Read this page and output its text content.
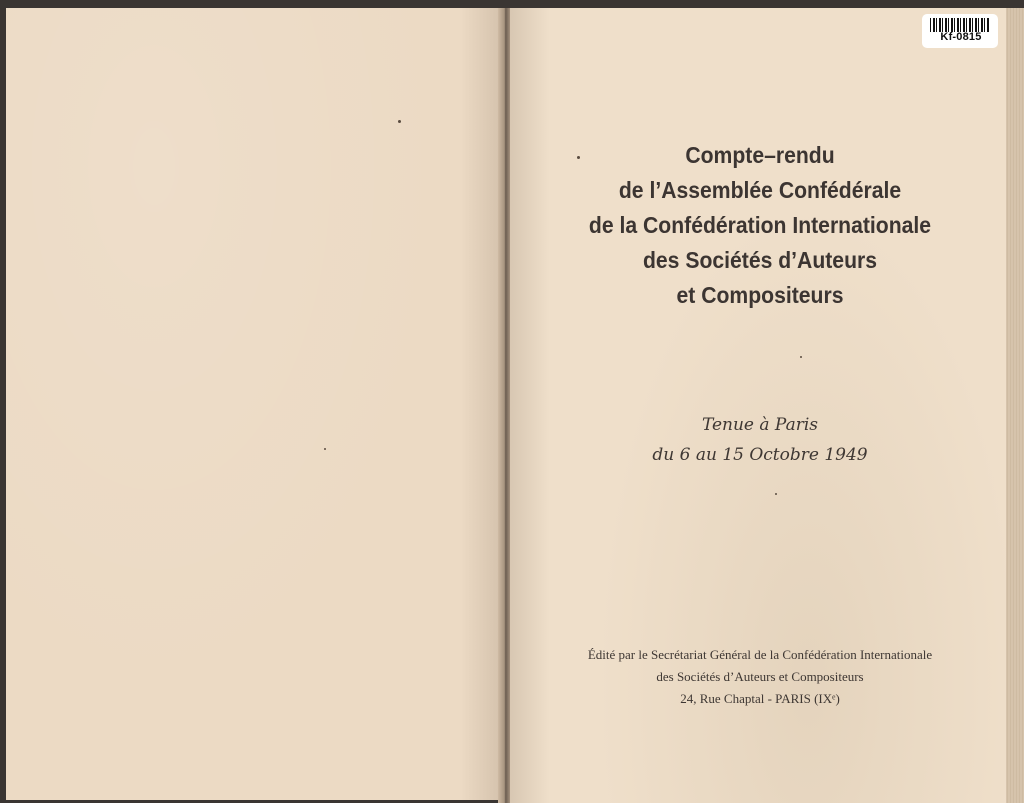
Kf-0815
Compte–rendu
de l’Assemblée Confédérale
de la Confédération Internationale
des Sociétés d’Auteurs
et Compositeurs
Tenue à Paris
du 6 au 15 Octobre 1949
Édité par le Secrétariat Général de la Confédération Internationale
des Sociétés d’Auteurs et Compositeurs
24, Rue Chaptal - PARIS (IXᵉ)
